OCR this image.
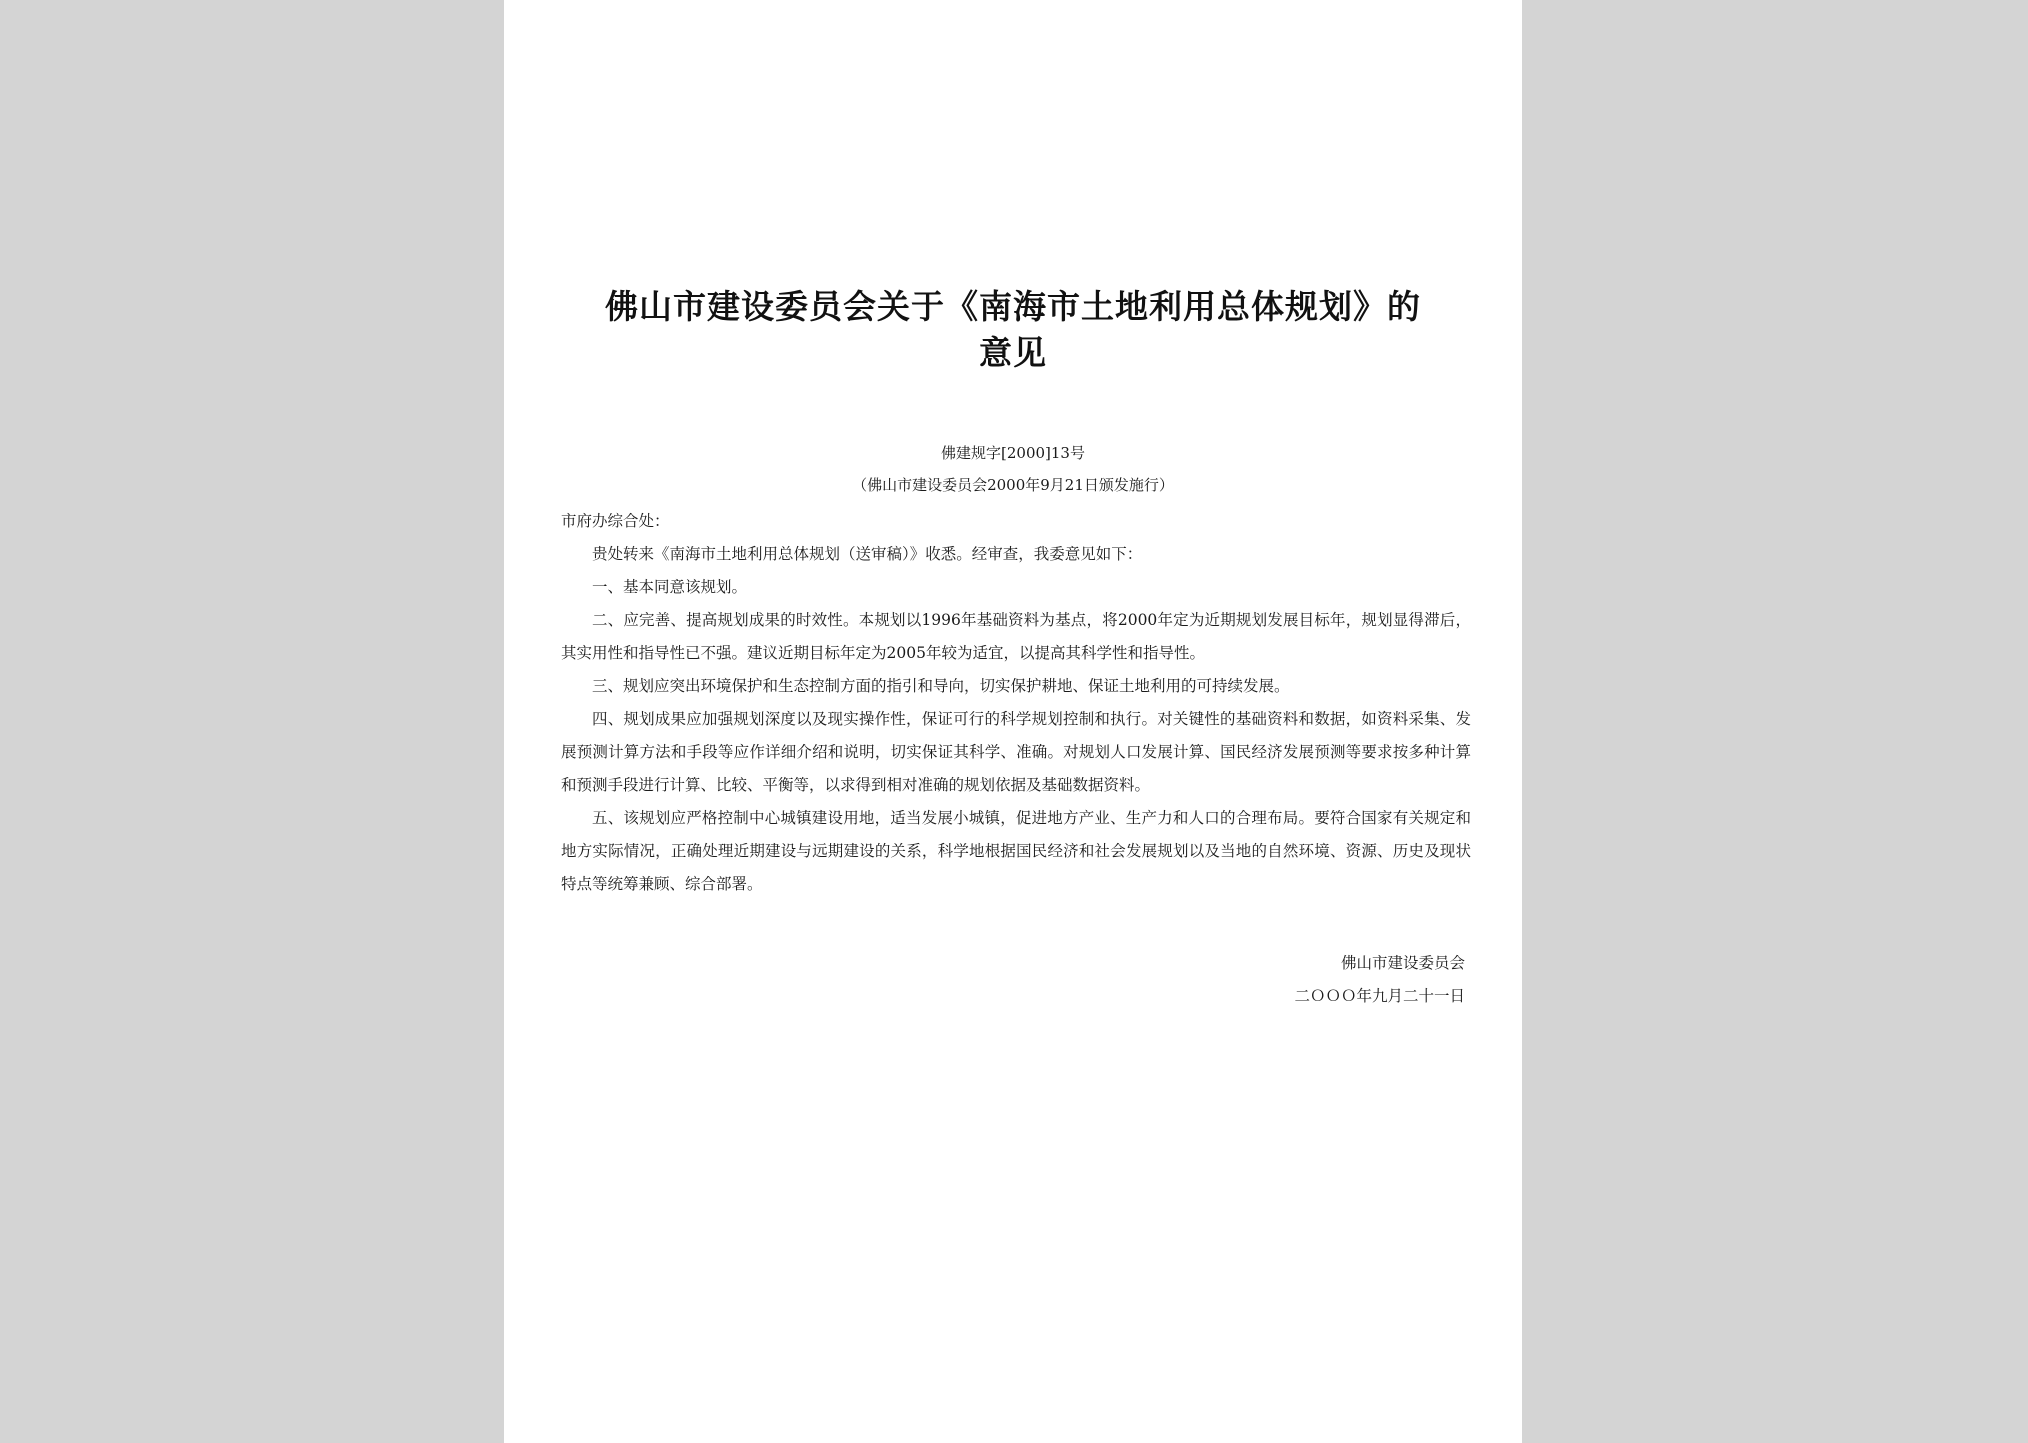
佛山市建设委员会关于《南海市土地利用总体规划》的
意见
佛建规字[2000]13号
（佛山市建设委员会2000年9月21日颁发施行）

市府办综合处：

贵处转来《南海市土地利用总体规划（送审稿）》收悉。经审查，我委意见如下：

一、基本同意该规划。

二、应完善、提高规划成果的时效性。本规划以1996年基础资料为基点，将2000年定为近期规划发展目标年，规划显得滞后，其实用性和指导性已不强。建议近期目标年定为2005年较为适宜，以提高其科学性和指导性。

三、规划应突出环境保护和生态控制方面的指引和导向，切实保护耕地、保证土地利用的可持续发展。

四、规划成果应加强规划深度以及现实操作性，保证可行的科学规划控制和执行。对关键性的基础资料和数据，如资料采集、发展预测计算方法和手段等应作详细介绍和说明，切实保证其科学、准确。对规划人口发展计算、国民经济发展预测等要求按多种计算和预测手段进行计算、比较、平衡等，以求得到相对准确的规划依据及基础数据资料。

五、该规划应严格控制中心城镇建设用地，适当发展小城镇，促进地方产业、生产力和人口的合理布局。要符合国家有关规定和地方实际情况，正确处理近期建设与远期建设的关系，科学地根据国民经济和社会发展规划以及当地的自然环境、资源、历史及现状特点等统筹兼顾、综合部署。

佛山市建设委员会
二ＯＯＯ年九月二十一日
